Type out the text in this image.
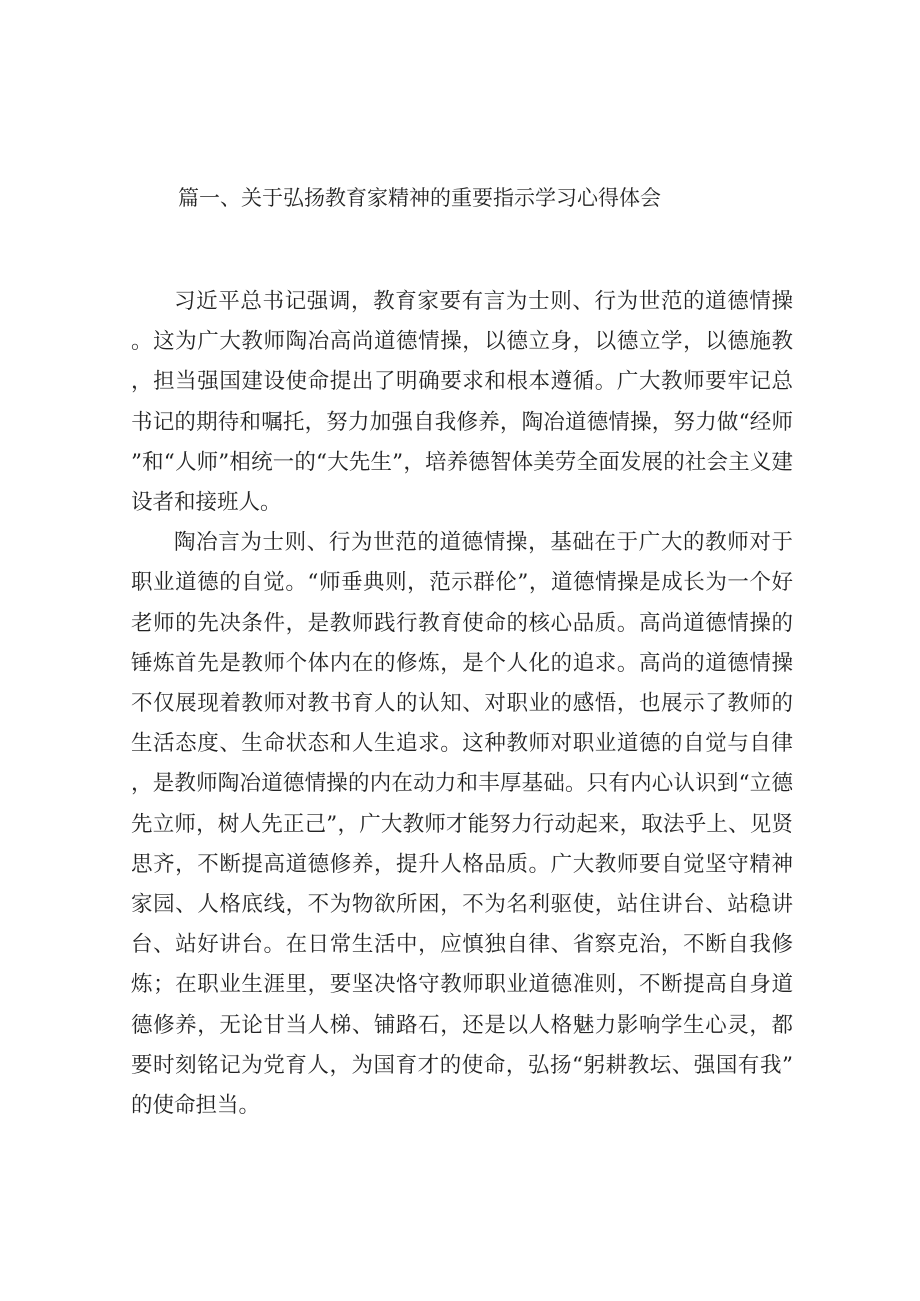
篇一、关于弘扬教育家精神的重要指示学习心得体会

习近平总书记强调，教育家要有言为士则、行为世范的道德情操。这为广大教师陶冶高尚道德情操，以德立身，以德立学，以德施教，担当强国建设使命提出了明确要求和根本遵循。广大教师要牢记总书记的期待和嘱托，努力加强自我修养，陶冶道德情操，努力做“经师”和“人师”相统一的“大先生”，培养德智体美劳全面发展的社会主义建设者和接班人。

陶冶言为士则、行为世范的道德情操，基础在于广大的教师对于职业道德的自觉。“师垂典则，范示群伦”，道德情操是成长为一个好老师的先决条件，是教师践行教育使命的核心品质。高尚道德情操的锤炼首先是教师个体内在的修炼，是个人化的追求。高尚的道德情操不仅展现着教师对教书育人的认知、对职业的感悟，也展示了教师的生活态度、生命状态和人生追求。这种教师对职业道德的自觉与自律，是教师陶冶道德情操的内在动力和丰厚基础。只有内心认识到“立德先立师，树人先正己”，广大教师才能努力行动起来，取法乎上、见贤思齐，不断提高道德修养，提升人格品质。广大教师要自觉坚守精神家园、人格底线，不为物欲所困，不为名利驱使，站住讲台、站稳讲台、站好讲台。在日常生活中，应慎独自律、省察克治，不断自我修炼；在职业生涯里，要坚决恪守教师职业道德准则，不断提高自身道德修养，无论甘当人梯、铺路石，还是以人格魅力影响学生心灵，都要时刻铭记为党育人，为国育才的使命，弘扬“躬耕教坛、强国有我”的使命担当。
